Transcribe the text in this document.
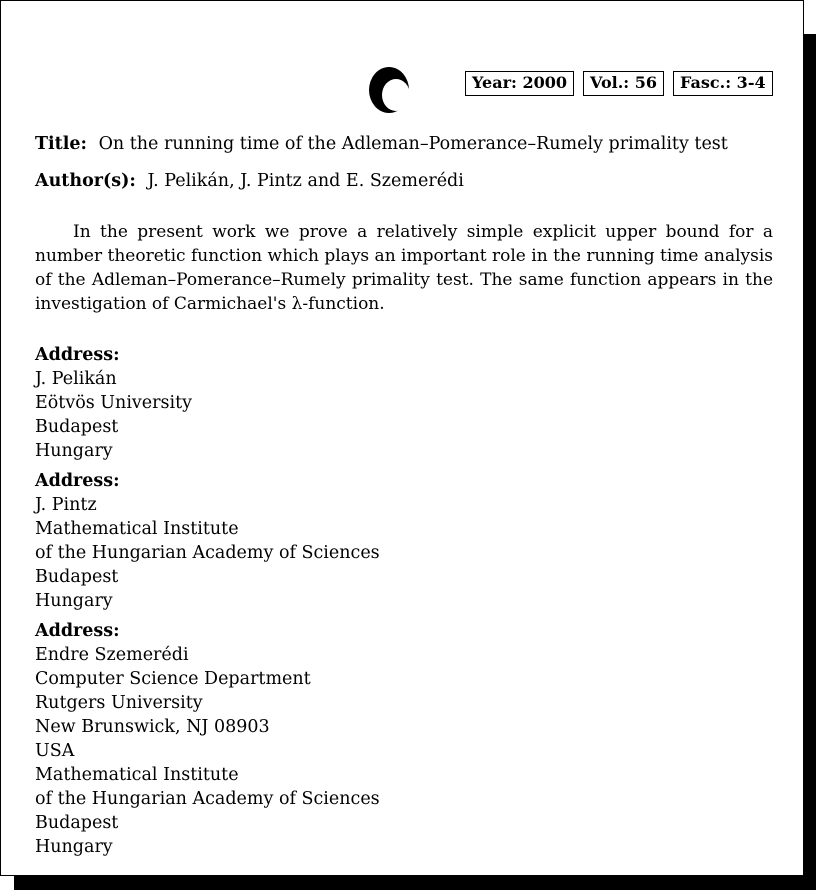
Year: 2000	Vol.: 56	Fasc.: 3-4
Title: On the running time of the Adleman–Pomerance–Rumely primality test
Author(s): J. Pelikán, J. Pintz and E. Szemerédi

In the present work we prove a relatively simple explicit upper bound for a number theoretic function which plays an important role in the running time analysis of the Adleman–Pomerance–Rumely primality test. The same function appears in the investigation of Carmichael's λ-function.

Address:
J. Pelikán
Eötvös University
Budapest
Hungary
Address:
J. Pintz
Mathematical Institute
of the Hungarian Academy of Sciences
Budapest
Hungary
Address:
Endre Szemerédi
Computer Science Department
Rutgers University
New Brunswick, NJ 08903
USA
Mathematical Institute
of the Hungarian Academy of Sciences
Budapest
Hungary
